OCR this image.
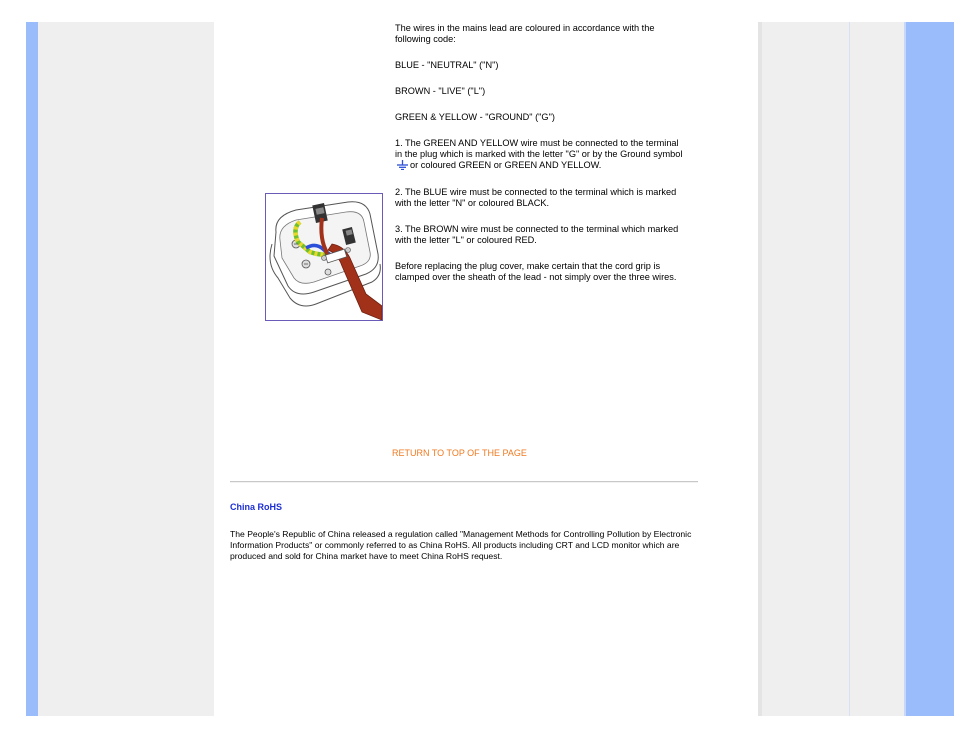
The wires in the mains lead are coloured in accordance with the following code:

BLUE - "NEUTRAL" ("N")

BROWN - "LIVE" ("L")

GREEN & YELLOW - "GROUND" ("G")

1. The GREEN AND YELLOW wire must be connected to the terminal in the plug which is marked with the letter "G" or by the Ground symbolor coloured GREEN or GREEN AND YELLOW.

2. The BLUE wire must be connected to the terminal which is marked with the letter "N" or coloured BLACK.

3. The BROWN wire must be connected to the terminal which marked with the letter "L" or coloured RED.

Before replacing the plug cover, make certain that the cord grip is clamped over the sheath of the lead - not simply over the three wires.

RETURN TO TOP OF THE PAGE
China RoHS

The People's Republic of China released a regulation called "Management Methods for Controlling Pollution by Electronic Information Products" or commonly referred to as China RoHS. All products including CRT and LCD monitor which are produced and sold for China market have to meet China RoHS request.
